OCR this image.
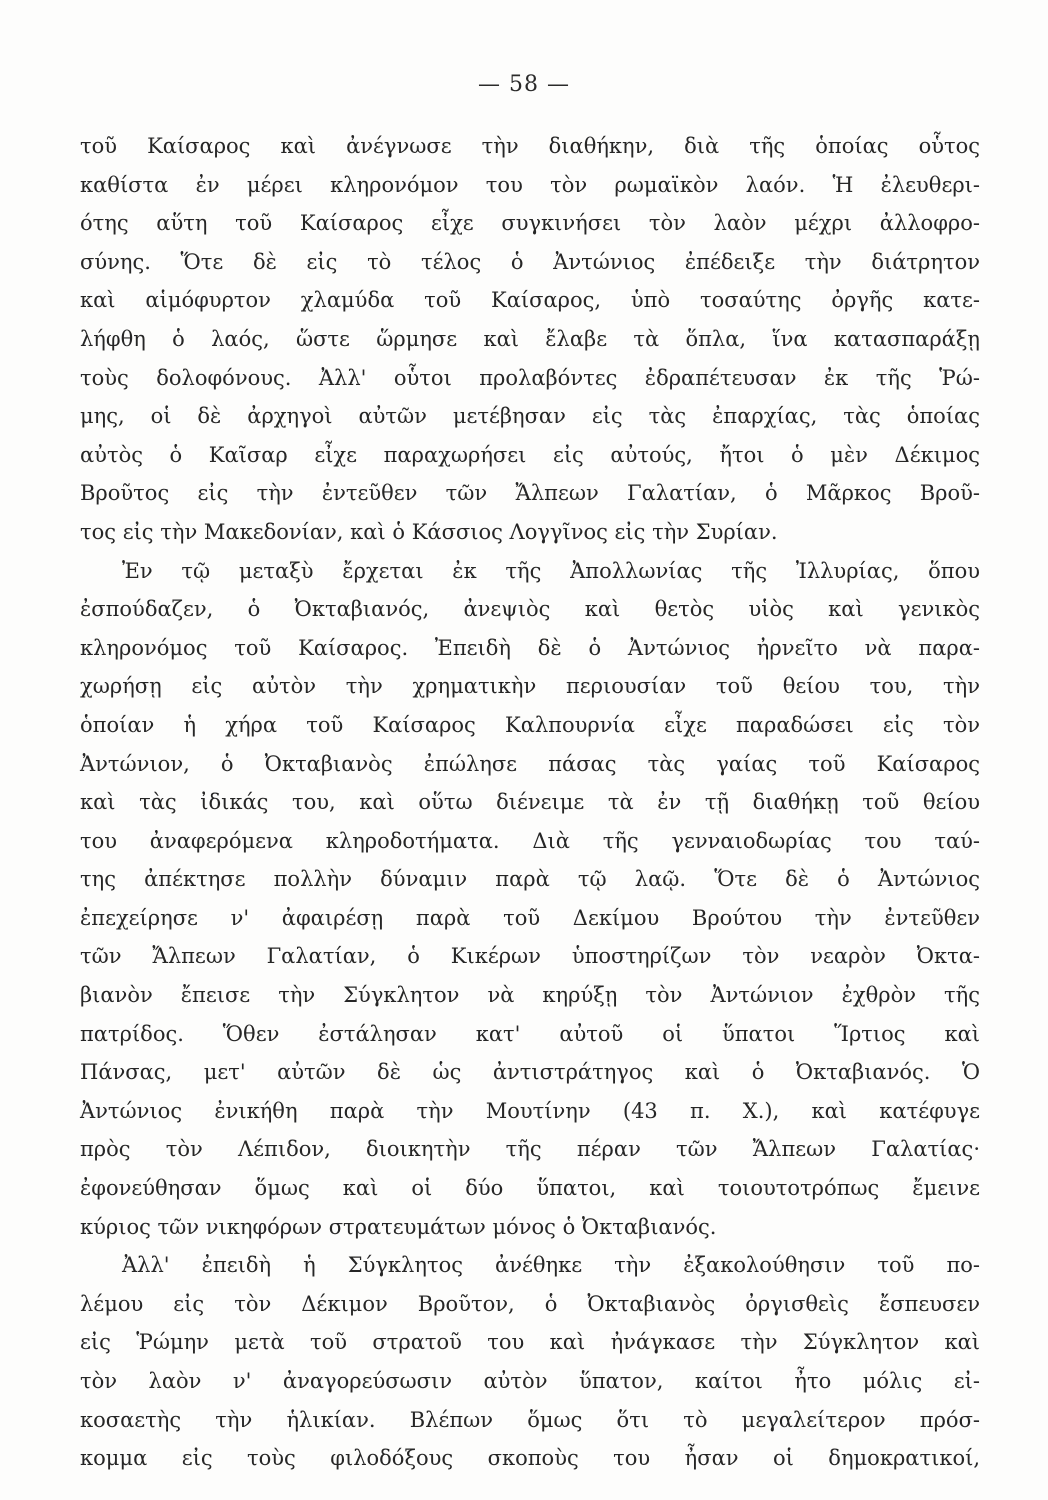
— 58 —
τοῦ Καίσαρος καὶ ἀνέγνωσε τὴν διαθήκην, διὰ τῆς ὁποίας οὗτος
καθίστα ἐν μέρει κληρονόμον του τὸν ρωμαϊκὸν λαόν. Ἡ ἐλευθερι-
ότης αὕτη τοῦ Καίσαρος εἶχε συγκινήσει τὸν λαὸν μέχρι ἀλλοφρο-
σύνης. Ὅτε δὲ εἰς τὸ τέλος ὁ Ἀντώνιος ἐπέδειξε τὴν διάτρητον
καὶ αἱμόφυρτον χλαμύδα τοῦ Καίσαρος, ὑπὸ τοσαύτης ὀργῆς κατε-
λήφθη ὁ λαός, ὥστε ὥρμησε καὶ ἔλαβε τὰ ὅπλα, ἵνα κατασπαράξῃ
τοὺς δολοφόνους. Ἀλλ' οὗτοι προλαβόντες ἐδραπέτευσαν ἐκ τῆς Ῥώ-
μης, οἱ δὲ ἀρχηγοὶ αὐτῶν μετέβησαν εἰς τὰς ἐπαρχίας, τὰς ὁποίας
αὐτὸς ὁ Καῖσαρ εἶχε παραχωρήσει εἰς αὐτούς, ἤτοι ὁ μὲν Δέκιμος
Βροῦτος εἰς τὴν ἐντεῦθεν τῶν Ἄλπεων Γαλατίαν, ὁ Μᾶρκος Βροῦ-
τος εἰς τὴν Μακεδονίαν, καὶ ὁ Κάσσιος Λογγῖνος εἰς τὴν Συρίαν.
Ἐν τῷ μεταξὺ ἔρχεται ἐκ τῆς Ἀπολλωνίας τῆς Ἰλλυρίας, ὅπου
ἐσπούδαζεν, ὁ Ὀκταβιανός, ἀνεψιὸς καὶ θετὸς υἱὸς καὶ γενικὸς
κληρονόμος τοῦ Καίσαρος. Ἐπειδὴ δὲ ὁ Ἀντώνιος ἠρνεῖτο νὰ παρα-
χωρήσῃ εἰς αὐτὸν τὴν χρηματικὴν περιουσίαν τοῦ θείου του, τὴν
ὁποίαν ἡ χήρα τοῦ Καίσαρος Καλπουρνία εἶχε παραδώσει εἰς τὸν
Ἀντώνιον, ὁ Ὀκταβιανὸς ἐπώλησε πάσας τὰς γαίας τοῦ Καίσαρος
καὶ τὰς ἰδικάς του, καὶ οὕτω διένειμε τὰ ἐν τῇ διαθήκῃ τοῦ θείου
του ἀναφερόμενα κληροδοτήματα. Διὰ τῆς γενναιοδωρίας του ταύ-
της ἀπέκτησε πολλὴν δύναμιν παρὰ τῷ λαῷ. Ὅτε δὲ ὁ Ἀντώνιος
ἐπεχείρησε ν' ἀφαιρέσῃ παρὰ τοῦ Δεκίμου Βρούτου τὴν ἐντεῦθεν
τῶν Ἄλπεων Γαλατίαν, ὁ Κικέρων ὑποστηρίζων τὸν νεαρὸν Ὀκτα-
βιανὸν ἔπεισε τὴν Σύγκλητον νὰ κηρύξῃ τὸν Ἀντώνιον ἐχθρὸν τῆς
πατρίδος. Ὅθεν ἐστάλησαν κατ' αὐτοῦ οἱ ὕπατοι Ἵρτιος καὶ
Πάνσας, μετ' αὐτῶν δὲ ὡς ἀντιστράτηγος καὶ ὁ Ὀκταβιανός. Ὁ
Ἀντώνιος ἐνικήθη παρὰ τὴν Μουτίνην (43 π. Χ.), καὶ κατέφυγε
πρὸς τὸν Λέπιδον, διοικητὴν τῆς πέραν τῶν Ἄλπεων Γαλατίας·
ἐφονεύθησαν ὅμως καὶ οἱ δύο ὕπατοι, καὶ τοιουτοτρόπως ἔμεινε
κύριος τῶν νικηφόρων στρατευμάτων μόνος ὁ Ὀκταβιανός.
Ἀλλ' ἐπειδὴ ἡ Σύγκλητος ἀνέθηκε τὴν ἐξακολούθησιν τοῦ πο-
λέμου εἰς τὸν Δέκιμον Βροῦτον, ὁ Ὀκταβιανὸς ὀργισθεὶς ἔσπευσεν
εἰς Ῥώμην μετὰ τοῦ στρατοῦ του καὶ ἠνάγκασε τὴν Σύγκλητον καὶ
τὸν λαὸν ν' ἀναγορεύσωσιν αὐτὸν ὕπατον, καίτοι ἦτο μόλις εἰ-
κοσαετὴς τὴν ἡλικίαν. Βλέπων ὅμως ὅτι τὸ μεγαλείτερον πρόσ-
κομμα εἰς τοὺς φιλοδόξους σκοποὺς του ἦσαν οἱ δημοκρατικοί,
